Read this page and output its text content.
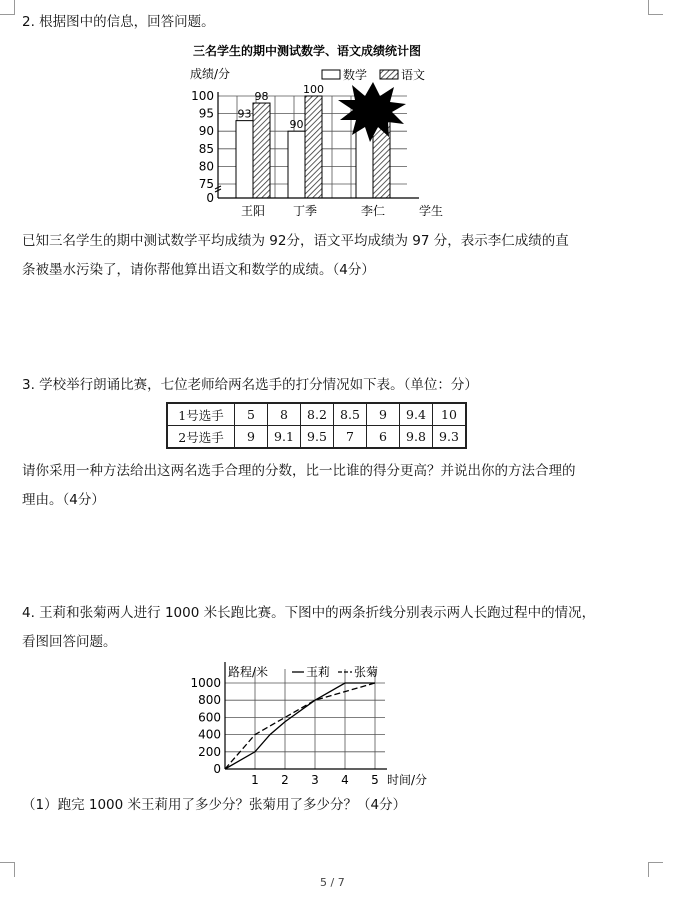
2. 根据图中的信息，回答问题。
三名学生的期中测试数学、语文成绩统计图
成绩/分	数学	语文
93
98
100
90
0
75
80
85
90
95
100
学生
王阳 丁季	李仁
已知三名学生的期中测试数学平均成绩为 92分，语文平均成绩为 97 分，表示李仁成绩的直
条被墨水污染了，请你帮他算出语文和数学的成绩。（4分）
3. 学校举行朗诵比赛，七位老师给两名选手的打分情况如下表。（单位：分）
1号选手	5	8	8.2	8.5	9	9.4	10
2号选手	9	9.1	9.5	7	6	9.8	9.3
请你采用一种方法给出这两名选手合理的分数，比一比谁的得分更高？并说出你的方法合理的
理由。（4分）
4. 王莉和张菊两人进行 1000 米长跑比赛。下图中的两条折线分别表示两人长跑过程中的情况，
看图回答问题。
0
200
400
600
800
1000
1 2 3 4 5 时间/分
路程/米	王莉 张菊
（1）跑完 1000 米王莉用了多少分？张菊用了多少分？（4分）
5 / 7
